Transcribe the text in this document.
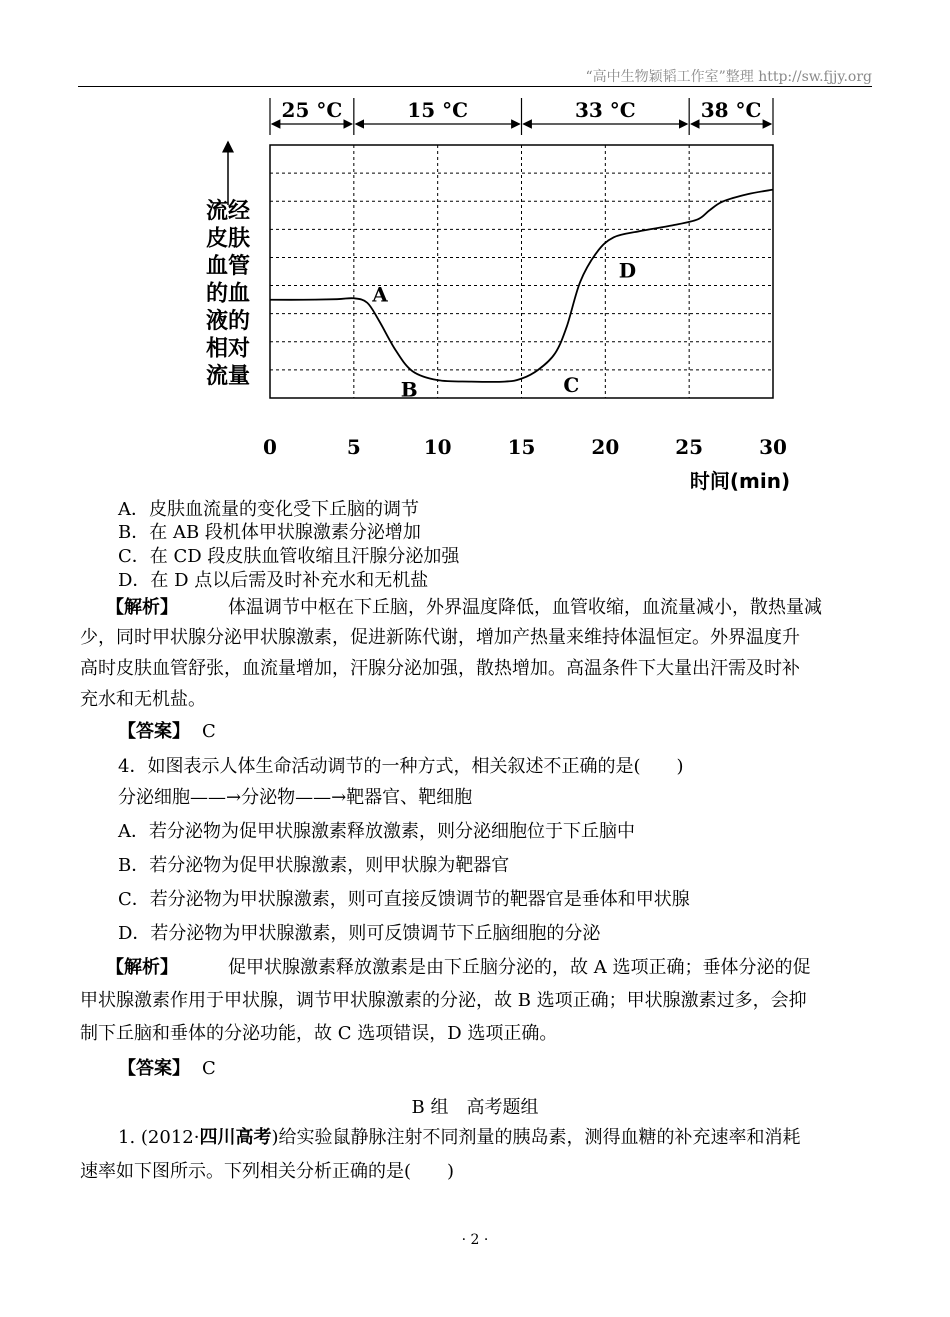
“高中生物颖韬工作室”整理 http://sw.fjjy.org
25 °C	15 °C	33 °C	38 °C
A
B	C
D
0	5	10	15	20	25	30
流经
皮肤
血管
的血
液的
相对
流量
时间(min)
A．皮肤血流量的变化受下丘脑的调节
B．在 AB 段机体甲状腺激素分泌增加
C．在 CD 段皮肤血管收缩且汗腺分泌加强
D．在 D 点以后需及时补充水和无机盐
【解析】	体温调节中枢在下丘脑，外界温度降低，血管收缩，血流量减小，散热量减
少，同时甲状腺分泌甲状腺激素，促进新陈代谢，增加产热量来维持体温恒定。外界温度升
高时皮肤血管舒张，血流量增加，汗腺分泌加强，散热增加。高温条件下大量出汗需及时补
充水和无机盐。
【答案】 C
4．如图表示人体生命活动调节的一种方式，相关叙述不正确的是(　　)
分泌细胞——→分泌物——→靶器官、靶细胞
A．若分泌物为促甲状腺激素释放激素，则分泌细胞位于下丘脑中
B．若分泌物为促甲状腺激素，则甲状腺为靶器官
C．若分泌物为甲状腺激素，则可直接反馈调节的靶器官是垂体和甲状腺
D．若分泌物为甲状腺激素，则可反馈调节下丘脑细胞的分泌
【解析】	促甲状腺激素释放激素是由下丘脑分泌的，故 A 选项正确；垂体分泌的促
甲状腺激素作用于甲状腺，调节甲状腺激素的分泌，故 B 选项正确；甲状腺激素过多，会抑
制下丘脑和垂体的分泌功能，故 C 选项错误，D 选项正确。
【答案】 C
B 组　高考题组
1. (2012·四川高考)给实验鼠静脉注射不同剂量的胰岛素，测得血糖的补充速率和消耗
速率如下图所示。下列相关分析正确的是(　　)
· 2 ·
